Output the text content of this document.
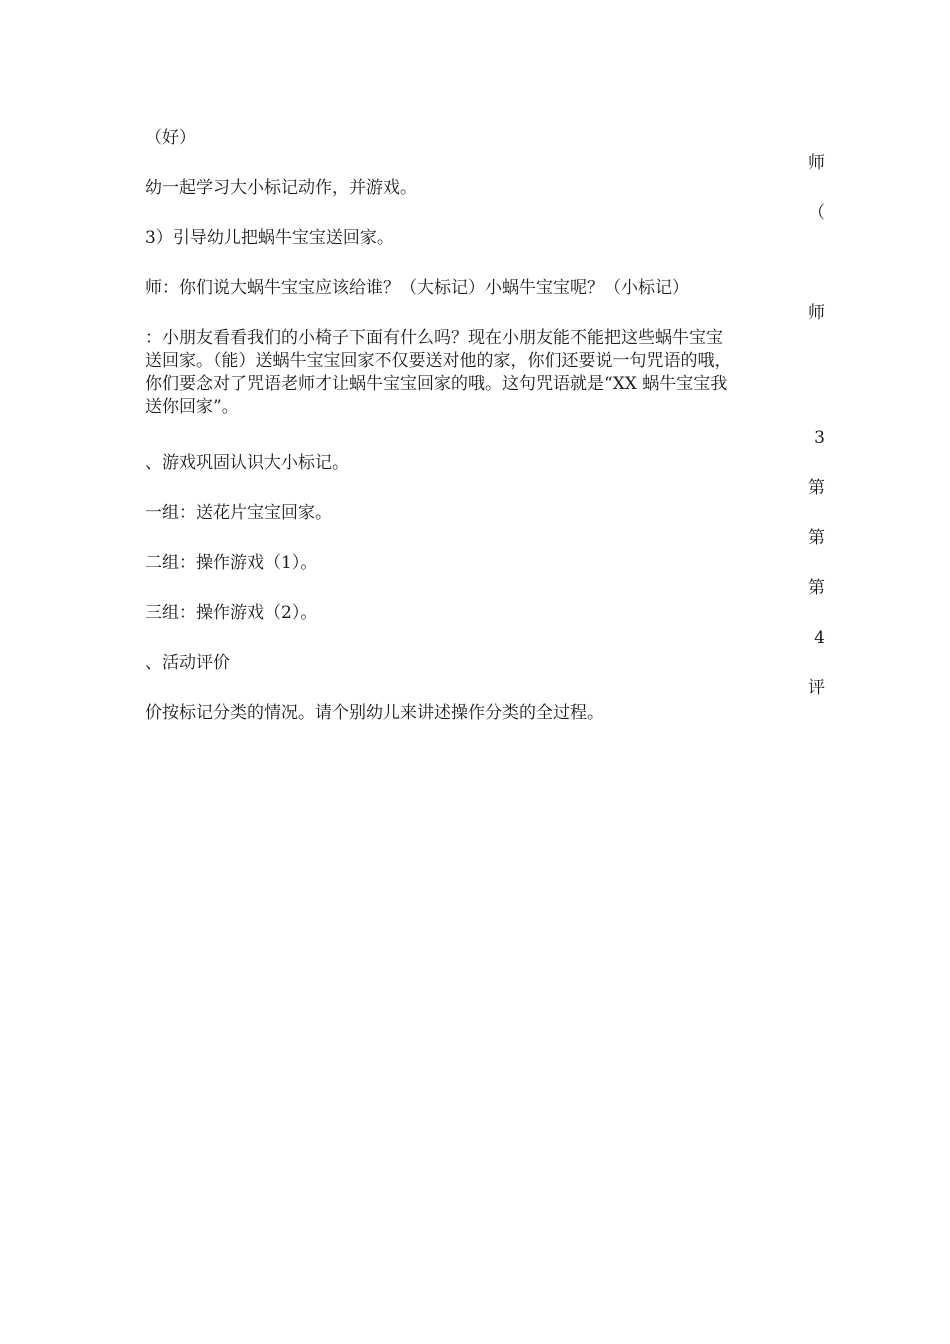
（好）
师
幼一起学习大小标记动作，并游戏。
（
3）引导幼儿把蜗牛宝宝送回家。
师：你们说大蜗牛宝宝应该给谁？（大标记）小蜗牛宝宝呢？（小标记）
师
：小朋友看看我们的小椅子下面有什么吗？现在小朋友能不能把这些蜗牛宝宝
送回家。（能）送蜗牛宝宝回家不仅要送对他的家，你们还要说一句咒语的哦，
你们要念对了咒语老师才让蜗牛宝宝回家的哦。这句咒语就是“XX 蜗牛宝宝我
送你回家”。
3
、游戏巩固认识大小标记。
第
一组：送花片宝宝回家。
第
二组：操作游戏（1）。
第
三组：操作游戏（2）。
4
、活动评价
评
价按标记分类的情况。请个别幼儿来讲述操作分类的全过程。
